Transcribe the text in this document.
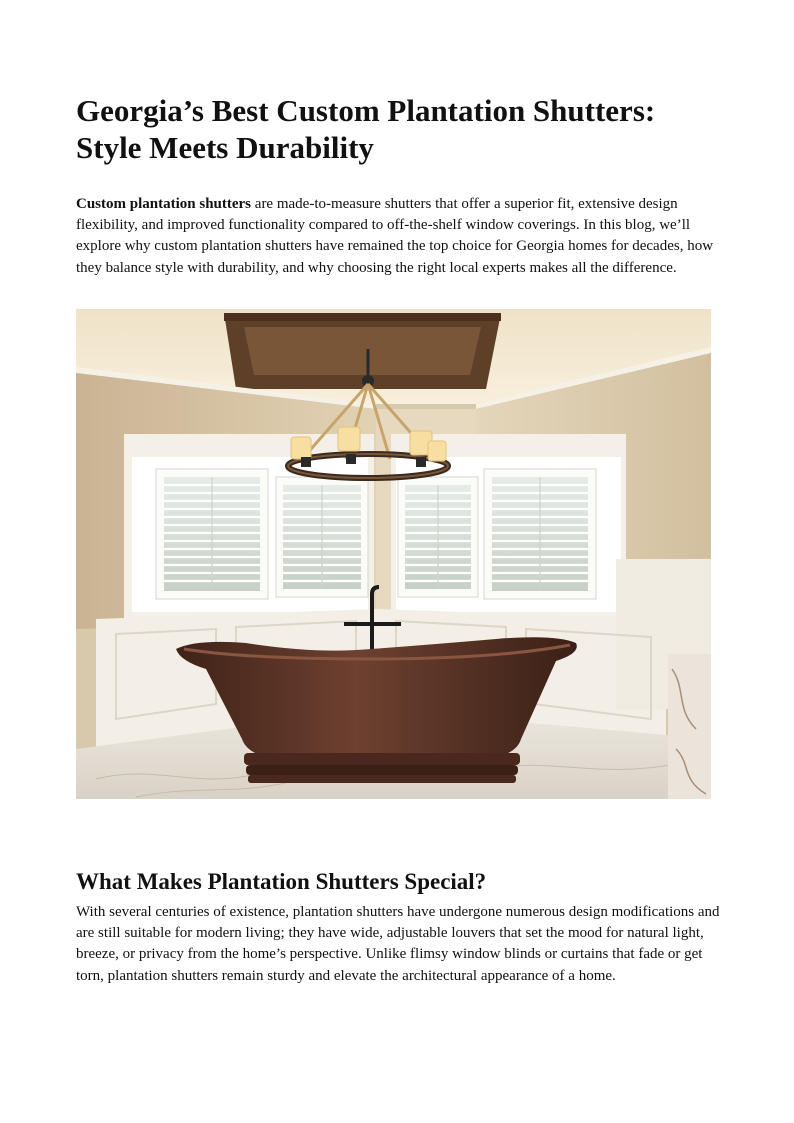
Georgia’s Best Custom Plantation Shutters: Style Meets Durability

Custom plantation shutters are made-to-measure shutters that offer a superior fit, extensive design flexibility, and improved functionality compared to off-the-shelf window coverings. In this blog, we’ll explore why custom plantation shutters have remained the top choice for Georgia homes for decades, how they balance style with durability, and why choosing the right local experts makes all the difference.

What Makes Plantation Shutters Special?

With several centuries of existence, plantation shutters have undergone numerous design modifications and are still suitable for modern living; they have wide, adjustable louvers that set the mood for natural light, breeze, or privacy from the home’s perspective. Unlike flimsy window blinds or curtains that fade or get torn, plantation shutters remain sturdy and elevate the architectural appearance of a home.
